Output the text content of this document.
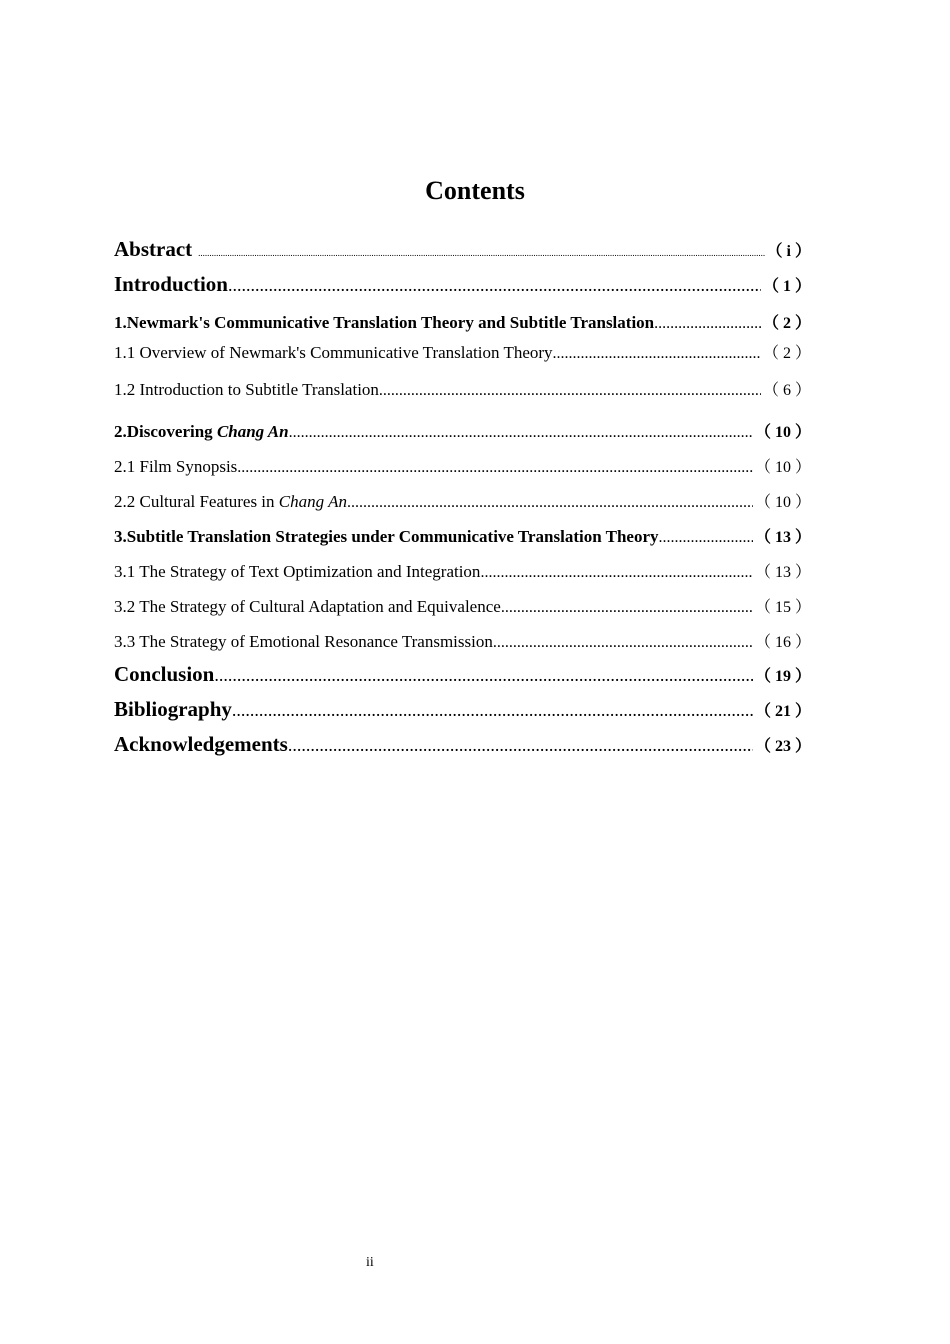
Contents
Abstract .....	（ i ）
Introduction .....	（ 1 ）
1.Newmark's Communicative Translation Theory and Subtitle Translation .....	（ 2 ）
1.1 Overview of Newmark's Communicative Translation Theory .....	（ 2 ）
1.2 Introduction to Subtitle Translation .....	（ 6 ）
2.Discovering Chang An .....	（ 10 ）
2.1 Film Synopsis .....	（ 10 ）
2.2 Cultural Features in Chang An .....	（ 10 ）
3.Subtitle Translation Strategies under Communicative Translation Theory .....	（ 13 ）
3.1 The Strategy of Text Optimization and Integration .....	（ 13 ）
3.2 The Strategy of Cultural Adaptation and Equivalence .....	（ 15 ）
3.3 The Strategy of Emotional Resonance Transmission .....	（ 16 ）
Conclusion .....	（ 19 ）
Bibliography .....	（ 21 ）
Acknowledgements .....	（ 23 ）
ii
